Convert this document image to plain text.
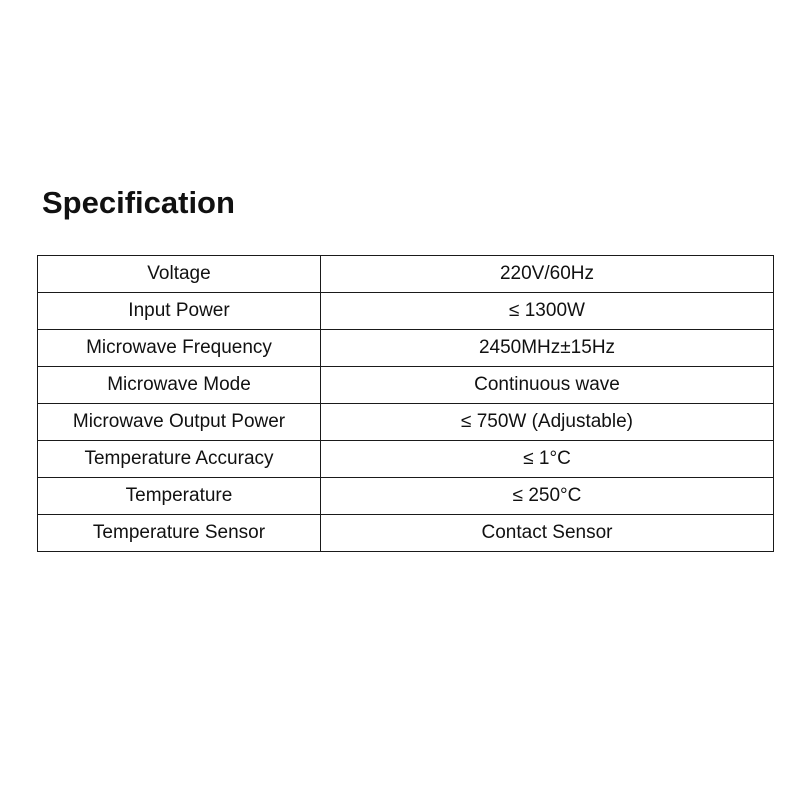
Specification
Voltage	220V/60Hz
Input Power	≤ 1300W
Microwave Frequency	2450MHz±15Hz
Microwave Mode	Continuous wave
Microwave Output Power	≤ 750W (Adjustable)
Temperature Accuracy	≤ 1°C
Temperature	≤ 250°C
Temperature Sensor	Contact Sensor
